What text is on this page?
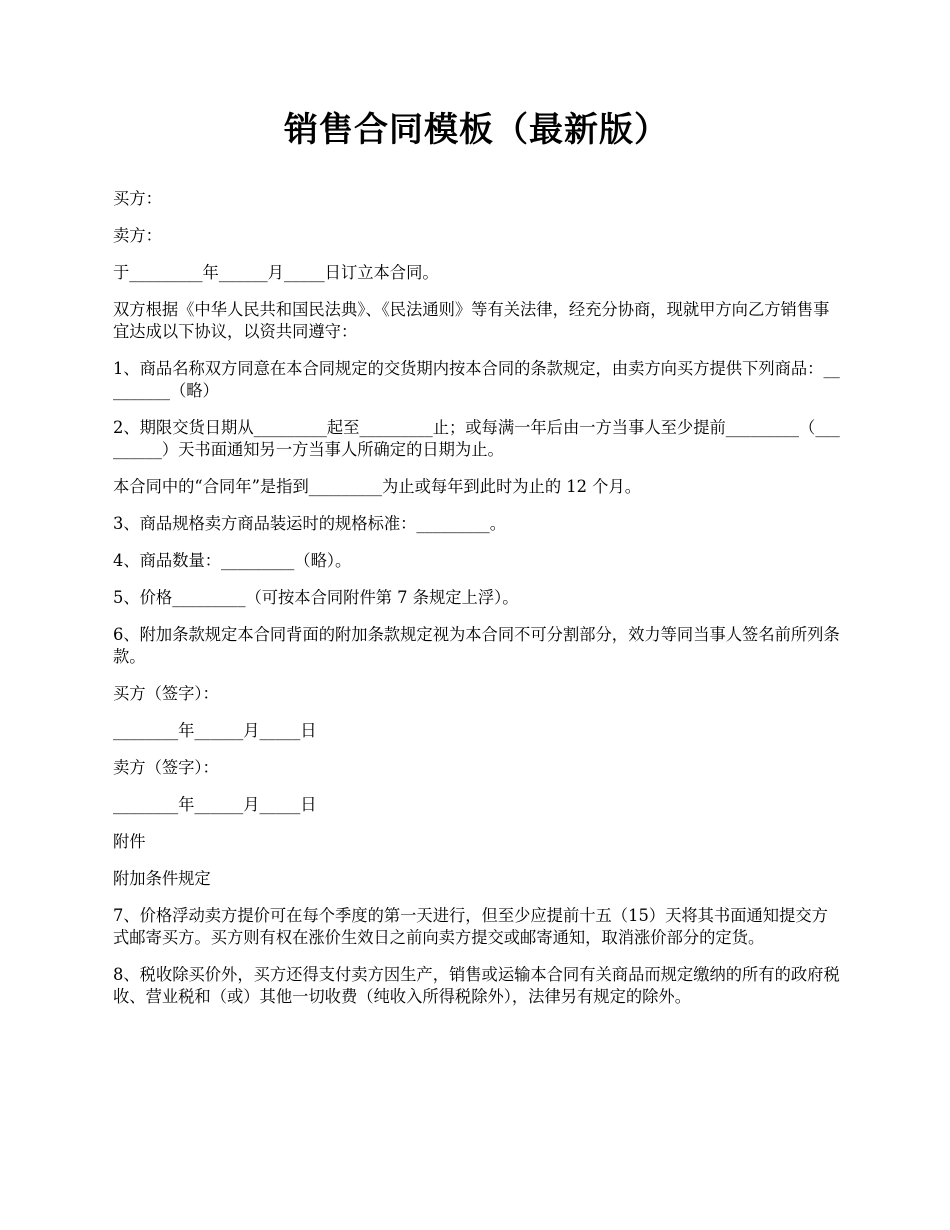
销售合同模板（最新版）

买方：

卖方：

于_________年______月_____日订立本合同。

双方根据《中华人民共和国民法典》、《民法通则》等有关法律，经充分协商，现就甲方向乙方销售事宜达成以下协议，以资共同遵守：

1、商品名称双方同意在本合同规定的交货期内按本合同的条款规定，由卖方向买方提供下列商品：_________（略）

2、期限交货日期从_________起至_________止；或每满一年后由一方当事人至少提前_________（_________）天书面通知另一方当事人所确定的日期为止。

本合同中的“合同年”是指到_________为止或每年到此时为止的 12 个月。

3、商品规格卖方商品装运时的规格标准：_________。

4、商品数量：_________（略）。

5、价格_________（可按本合同附件第 7 条规定上浮）。

6、附加条款规定本合同背面的附加条款规定视为本合同不可分割部分，效力等同当事人签名前所列条款。

买方（签字）：

________年______月_____日

卖方（签字）：

________年______月_____日

附件

附加条件规定

7、价格浮动卖方提价可在每个季度的第一天进行，但至少应提前十五（15）天将其书面通知提交方式邮寄买方。买方则有权在涨价生效日之前向卖方提交或邮寄通知，取消涨价部分的定货。

8、税收除买价外，买方还得支付卖方因生产，销售或运输本合同有关商品而规定缴纳的所有的政府税收、营业税和（或）其他一切收费（纯收入所得税除外），法律另有规定的除外。
